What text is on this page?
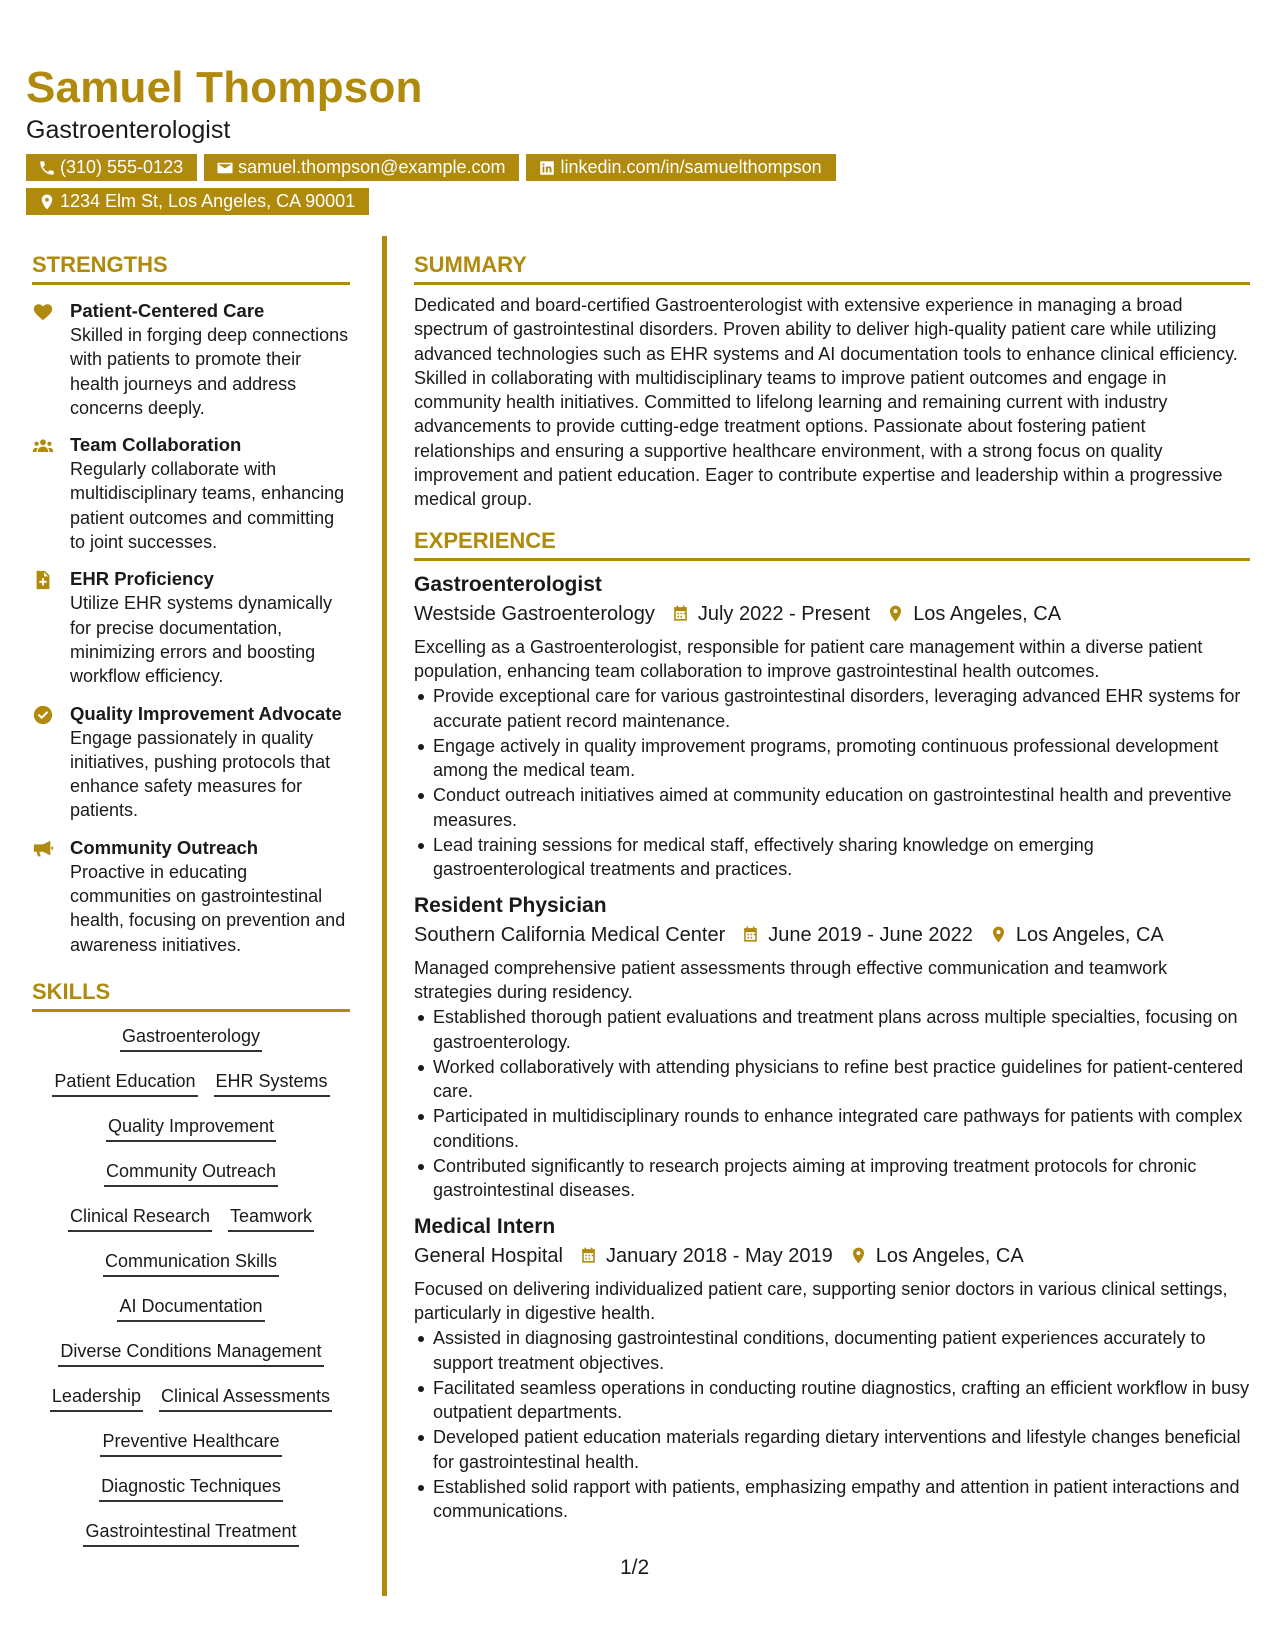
Samuel Thompson
Gastroenterologist
(310) 555-0123	samuel.thompson@example.com	linkedin.com/in/samuelthompson
1234 Elm St, Los Angeles, CA 90001
STRENGTHS
Patient-Centered Care
Skilled in forging deep connections with patients to promote their health journeys and address concerns deeply.
Team Collaboration
Regularly collaborate with multidisciplinary teams, enhancing patient outcomes and committing to joint successes.
EHR Proficiency
Utilize EHR systems dynamically for precise documentation, minimizing errors and boosting workflow efficiency.
Quality Improvement Advocate
Engage passionately in quality initiatives, pushing protocols that enhance safety measures for patients.
Community Outreach
Proactive in educating communities on gastrointestinal health, focusing on prevention and awareness initiatives.
SKILLS
Gastroenterology
Patient Education EHR Systems
Quality Improvement
Community Outreach
Clinical Research Teamwork
Communication Skills
AI Documentation
Diverse Conditions Management
Leadership Clinical Assessments
Preventive Healthcare
Diagnostic Techniques
Gastrointestinal Treatment
SUMMARY
Dedicated and board-certified Gastroenterologist with extensive experience in managing a broad spectrum of gastrointestinal disorders. Proven ability to deliver high-quality patient care while utilizing advanced technologies such as EHR systems and AI documentation tools to enhance clinical efficiency. Skilled in collaborating with multidisciplinary teams to improve patient outcomes and engage in community health initiatives. Committed to lifelong learning and remaining current with industry advancements to provide cutting-edge treatment options. Passionate about fostering patient relationships and ensuring a supportive healthcare environment, with a strong focus on quality improvement and patient education. Eager to contribute expertise and leadership within a progressive medical group.
EXPERIENCE
Gastroenterologist
Westside Gastroenterology July 2022 - Present Los Angeles, CA
Excelling as a Gastroenterologist, responsible for patient care management within a diverse patient population, enhancing team collaboration to improve gastrointestinal health outcomes.
Provide exceptional care for various gastrointestinal disorders, leveraging advanced EHR systems for accurate patient record maintenance.
Engage actively in quality improvement programs, promoting continuous professional development among the medical team.
Conduct outreach initiatives aimed at community education on gastrointestinal health and preventive measures.
Lead training sessions for medical staff, effectively sharing knowledge on emerging gastroenterological treatments and practices.
Resident Physician
Southern California Medical Center June 2019 - June 2022 Los Angeles, CA
Managed comprehensive patient assessments through effective communication and teamwork strategies during residency.
Established thorough patient evaluations and treatment plans across multiple specialties, focusing on gastroenterology.
Worked collaboratively with attending physicians to refine best practice guidelines for patient-centered care.
Participated in multidisciplinary rounds to enhance integrated care pathways for patients with complex conditions.
Contributed significantly to research projects aiming at improving treatment protocols for chronic gastrointestinal diseases.
Medical Intern
General Hospital January 2018 - May 2019 Los Angeles, CA
Focused on delivering individualized patient care, supporting senior doctors in various clinical settings, particularly in digestive health.
Assisted in diagnosing gastrointestinal conditions, documenting patient experiences accurately to support treatment objectives.
Facilitated seamless operations in conducting routine diagnostics, crafting an efficient workflow in busy outpatient departments.
Developed patient education materials regarding dietary interventions and lifestyle changes beneficial for gastrointestinal health.
Established solid rapport with patients, emphasizing empathy and attention in patient interactions and communications.
1/2
